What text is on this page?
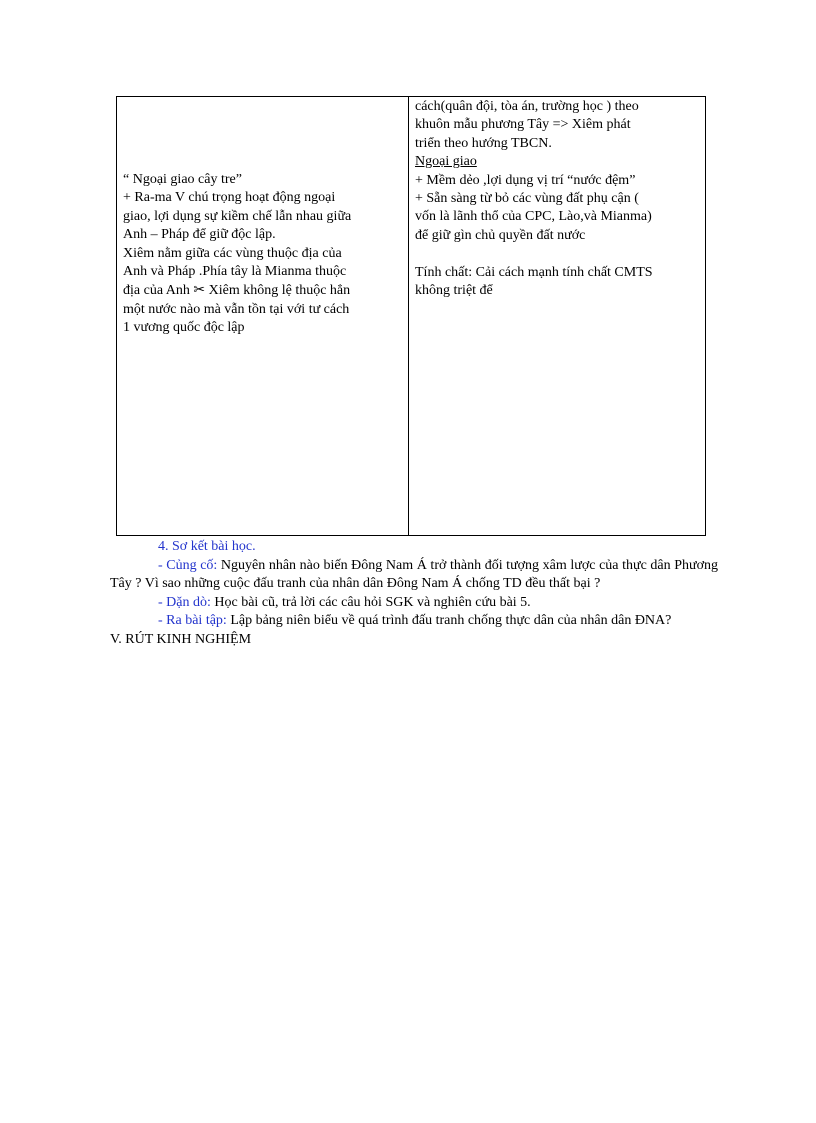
“ Ngoại giao cây tre”
+ Ra-ma V chú trọng hoạt động ngoại
giao, lợi dụng sự kiềm chế lẫn nhau giữa
Anh – Pháp để giữ độc lập.
Xiêm nằm giữa các vùng thuộc địa của
Anh và Pháp .Phía tây là Mianma thuộc
địa của Anh ✂ Xiêm không lệ thuộc hẳn
một nước nào mà vẫn tồn tại với tư cách
1 vương quốc độc lập
cách(quân đội, tòa án, trường học ) theo
khuôn mẫu phương Tây => Xiêm phát
triển theo hướng TBCN.
Ngoại giao
+ Mềm dẻo ,lợi dụng vị trí “nước đệm”
+ Sẵn sàng từ bỏ các vùng đất phụ cận (
vốn là lãnh thổ của CPC, Lào,và Mianma)
để giữ gìn chủ quyền đất nước
Tính chất: Cải cách mạnh tính chất CMTS
không triệt để
4. Sơ kết bài học.
- Củng cố: Nguyên nhân nào biến Đông Nam Á trở thành đối tượng xâm lược của thực dân Phương Tây ? Vì sao những cuộc đấu tranh của nhân dân Đông Nam Á chống TD đều thất bại ?
- Dặn dò: Học bài cũ, trả lời các câu hỏi SGK và nghiên cứu bài 5.
- Ra bài tập: Lập bảng niên biểu về quá trình đấu tranh chống thực dân của nhân dân ĐNA?
V. RÚT KINH NGHIỆM
